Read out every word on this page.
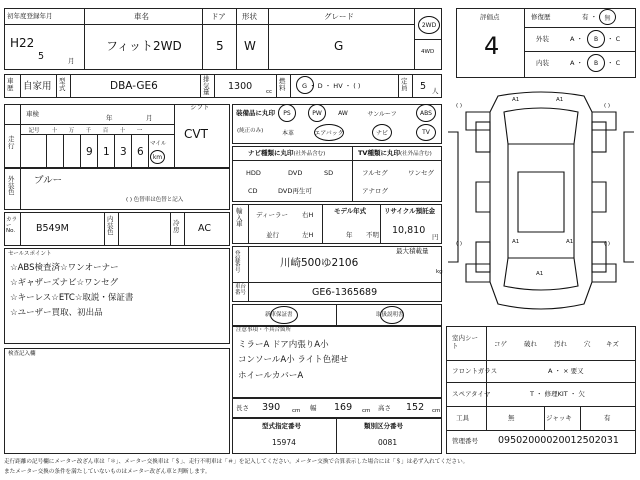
初年度登録年月
H22
5	月
車名
フィット2WD
ドア
5
形状
W
グレード
G
2WD
4WD
車歴 自家用 型式	DBA-GE6
排気量 1300	cc
燃料	G ・ D ・ HV ・ ( )
定員 5 人
評価点
4
修復歴	有 ・	無
外装	A ・	B	・ C
内装	A ・	B	・ C
車検	年	月
シフト
CVT
走行
記号	十	万	千	百	十	一
9 1 3 6
マイル
km
装備品に丸印
(純正のみ)
PS	PW	AW	サンルーフ	ABS
本革	エアバック	ナビ	TV
ナビ種類に丸印(社外品含む)	TV種類に丸印(社外品含む)
HDD	DVD	SD
CD	DVD再生可
フルセグ	ワンセグ
アナログ
外装色
ブルー
( ) 色替車は色替と記入
輸入車
ディーラー
並行
右H
左H
モデル年式
年 不明
リサイクル預託金
10,810
円
カラーNo.	B549M
内装色
冷房 AC
セールスポイント
☆ABS検査済☆ワンオーナー
☆ギャザーズナビ☆ワンセグ
☆キーレス☆ETC☆取説・保証書
☆ユーザー買取、初出品
登録番号
川崎500ゆ2106
最大積載量
kg
車台番号	GE6-1365689
新車保証書	取扱説明書
注意事項・不具合箇所
ミラーA ドア内張りA小
コンソールA小 ライト色褪せ
ホイールカバーA
検査記入欄
長さ 390 cm 幅 169 cm 高さ 152 cm
型式指定番号
15974
類別区分番号
0081
室内シート	コゲ	破れ	汚れ	穴 キズ
フロントガラス	A ・ × 要又
スペアタイヤ	T ・ 修理KIT ・ 欠
工具	無	ジャッキ	有
管理番号 09502000020012502031
A1	A1
A1
A1
A1
( )	( )
( )	( )
走行距離の記号欄にメーター改ざん車は「＊」、メーター交換車は「＄」、走行不明車は「＃」を記入してください。メーター交換で合算表示した場合には「＄」は必ず入れてください。
またメーター交換の条件を満たしていないものはメーター改ざん車と判断します。
